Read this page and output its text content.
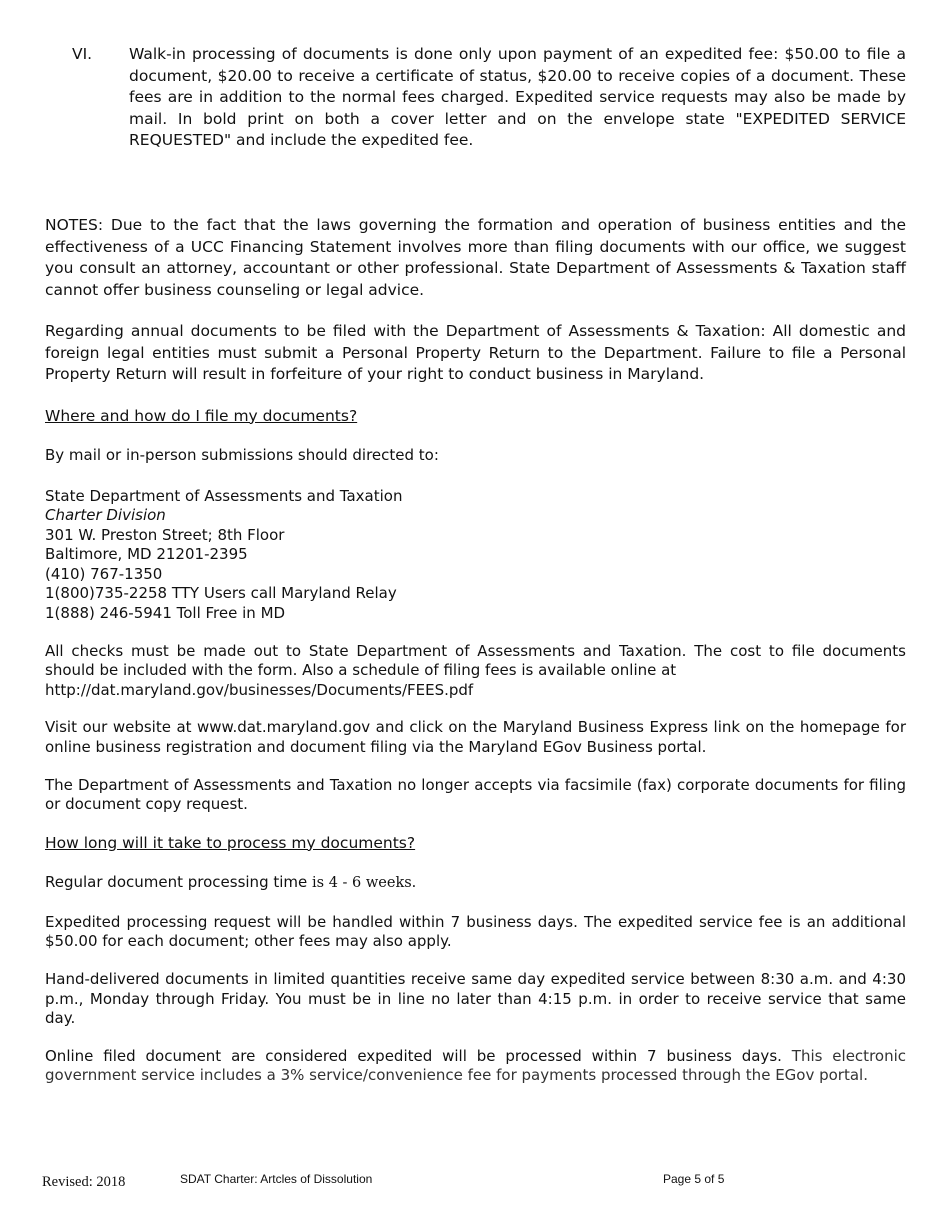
VI.	Walk-in processing of documents is done only upon payment of an expedited fee: $50.00 to file a document, $20.00 to receive a certificate of status, $20.00 to receive copies of a document. These fees are in addition to the normal fees charged. Expedited service requests may also be made by mail. In bold print on both a cover letter and on the envelope state "EXPEDITED SERVICE REQUESTED" and include the expedited fee.

NOTES: Due to the fact that the laws governing the formation and operation of business entities and the effectiveness of a UCC Financing Statement involves more than filing documents with our office, we suggest you consult an attorney, accountant or other professional. State Department of Assessments & Taxation staff cannot offer business counseling or legal advice.

Regarding annual documents to be filed with the Department of Assessments & Taxation: All domestic and foreign legal entities must submit a Personal Property Return to the Department. Failure to file a Personal Property Return will result in forfeiture of your right to conduct business in Maryland.

Where and how do I file my documents?

By mail or in-person submissions should directed to:

State Department of Assessments and Taxation
Charter Division
301 W. Preston Street; 8th Floor
Baltimore, MD 21201-2395
(410) 767-1350
1(800)735-2258 TTY Users call Maryland Relay
1(888) 246-5941 Toll Free in MD

All checks must be made out to State Department of Assessments and Taxation. The cost to file documents should be included with the form. Also a schedule of filing fees is available online at
http://dat.maryland.gov/businesses/Documents/FEES.pdf

Visit our website at www.dat.maryland.gov and click on the Maryland Business Express link on the homepage for online business registration and document filing via the Maryland EGov Business portal.

The Department of Assessments and Taxation no longer accepts via facsimile (fax) corporate documents for filing or document copy request.

How long will it take to process my documents?

Regular document processing time is 4 - 6 weeks.

Expedited processing request will be handled within 7 business days. The expedited service fee is an additional $50.00 for each document; other fees may also apply.

Hand-delivered documents in limited quantities receive same day expedited service between 8:30 a.m. and 4:30 p.m., Monday through Friday. You must be in line no later than 4:15 p.m. in order to receive service that same day.

Online filed document are considered expedited will be processed within 7 business days. This electronic government service includes a 3% service/convenience fee for payments processed through the EGov portal.

Revised: 2018	SDAT Charter: Artcles of Dissolution	Page 5 of 5
